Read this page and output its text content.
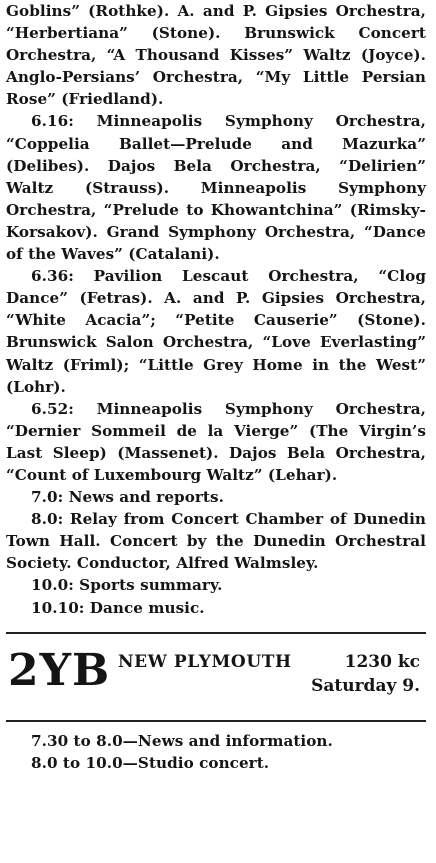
Goblins” (Rothke). A. and P. Gipsies Orchestra, “Herbertiana” (Stone). Brunswick Concert Orchestra, “A Thousand Kisses” Waltz (Joyce). Anglo-Persians’ Orchestra, “My Little Persian Rose” (Friedland).

6.16: Minneapolis Symphony Orchestra, “Coppelia Ballet—Prelude and Mazurka” (Delibes). Dajos Bela Orchestra, “Delirien” Waltz (Strauss). Minneapolis Symphony Orchestra, “Prelude to Khowantchina” (Rimsky-Korsakov). Grand Symphony Orchestra, “Dance of the Waves” (Catalani).

6.36: Pavilion Lescaut Orchestra, “Clog Dance” (Fetras). A. and P. Gipsies Orchestra, “White Acacia”; “Petite Causerie” (Stone). Brunswick Salon Orchestra, “Love Everlasting” Waltz (Friml); “Little Grey Home in the West” (Lohr).

6.52: Minneapolis Symphony Orchestra, “Dernier Sommeil de la Vierge” (The Virgin’s Last Sleep) (Massenet). Dajos Bela Orchestra, “Count of Luxembourg Waltz” (Lehar).

7.0: News and reports.

8.0: Relay from Concert Chamber of Dunedin Town Hall. Concert by the Dunedin Orchestral Society. Conductor, Alfred Walmsley.

10.0: Sports summary.

10.10: Dance music.

2YB NEW PLYMOUTH	1230 kc
Saturday 9.

7.30 to 8.0—News and information.

8.0 to 10.0—Studio concert.
